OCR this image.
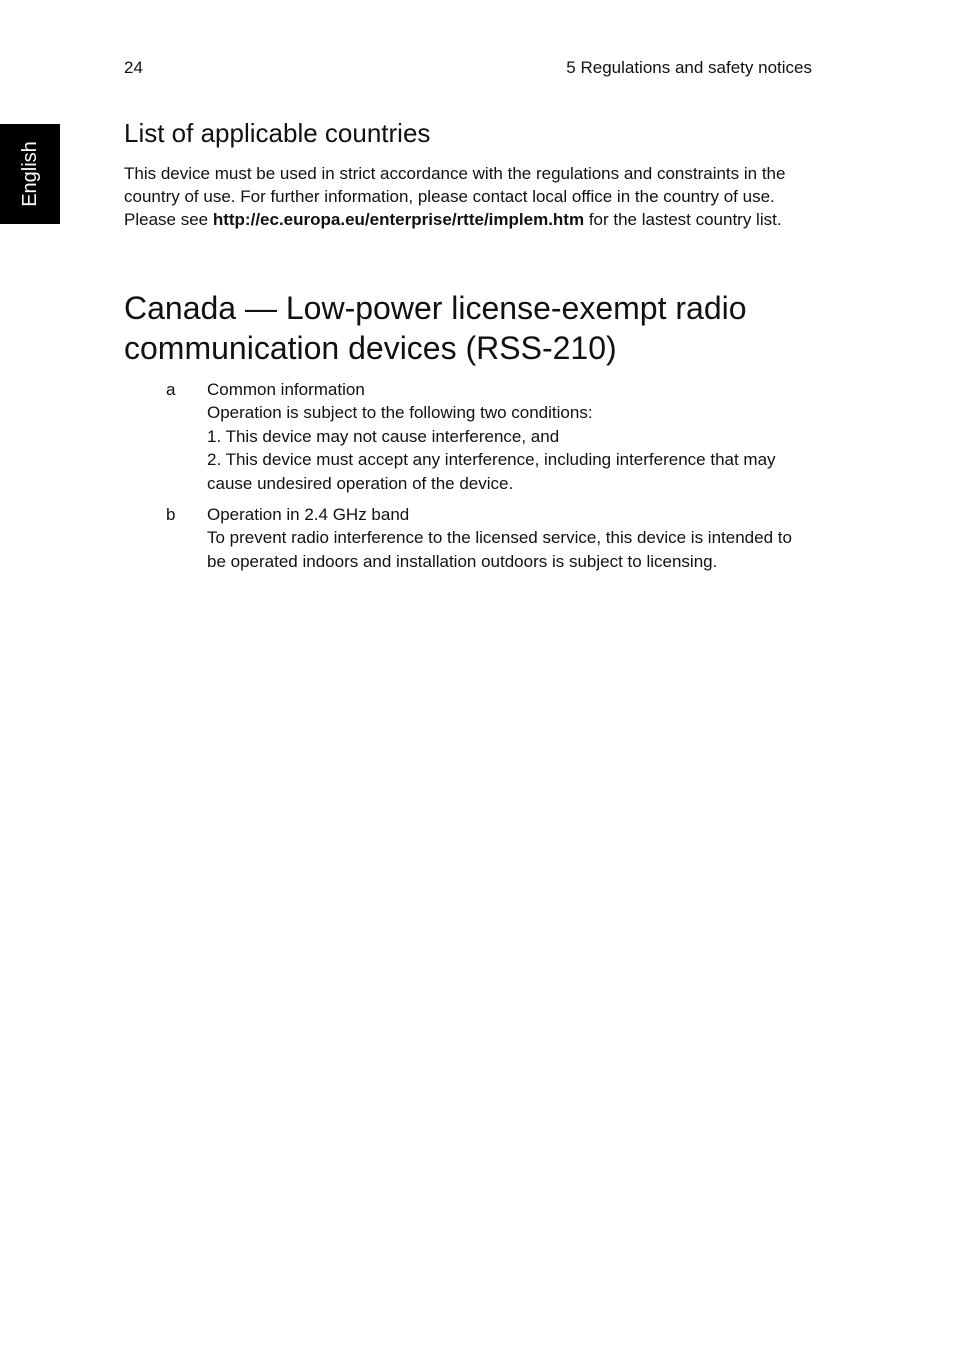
24	5 Regulations and safety notices
English
List of applicable countries

This device must be used in strict accordance with the regulations and constraints in the country of use. For further information, please contact local office in the country of use. Please see http://ec.europa.eu/enterprise/rtte/implem.htm for the lastest country list.

Canada — Low-power license-exempt radio communication devices (RSS-210)
a Common information
Operation is subject to the following two conditions:
1. This device may not cause interference, and
2. This device must accept any interference, including interference that may cause undesired operation of the device.
b Operation in 2.4 GHz band
To prevent radio interference to the licensed service, this device is intended to be operated indoors and installation outdoors is subject to licensing.
